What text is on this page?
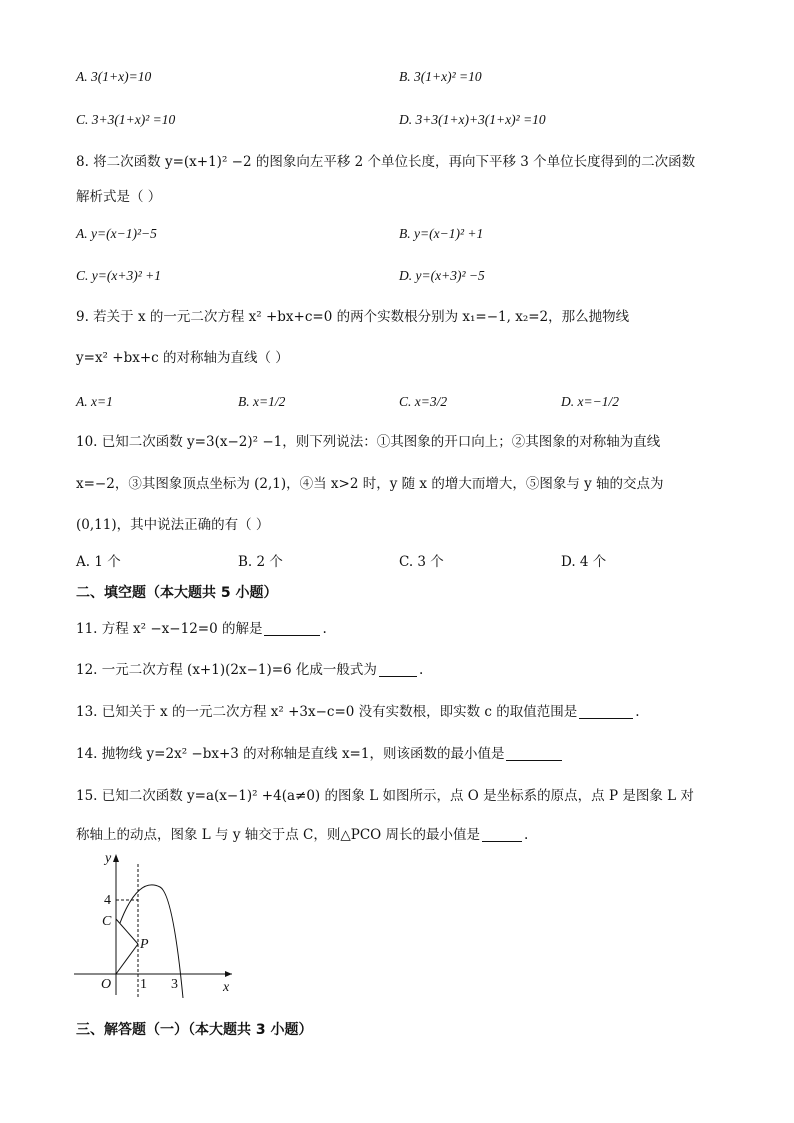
A. 3(1+x)=10	B. 3(1+x)² =10
C. 3+3(1+x)² =10	D. 3+3(1+x)+3(1+x)² =10
8. 将二次函数 y=(x+1)² −2 的图象向左平移 2 个单位长度，再向下平移 3 个单位长度得到的二次函数
解析式是（ ）
A. y=(x−1)²−5	B. y=(x−1)² +1
C. y=(x+3)² +1	D. y=(x+3)² −5
9. 若关于 x 的一元二次方程 x² +bx+c=0 的两个实数根分别为 x₁=−1, x₂=2，那么抛物线
y=x² +bx+c 的对称轴为直线（ ）
A. x=1	B. x=1/2	C. x=3/2	D. x=−1/2
10. 已知二次函数 y=3(x−2)² −1，则下列说法：①其图象的开口向上；②其图象的对称轴为直线
x=−2，③其图象顶点坐标为 (2,1)，④当 x>2 时，y 随 x 的增大而增大，⑤图象与 y 轴的交点为
(0,11)，其中说法正确的有（ ）
A. 1 个	B. 2 个	C. 3 个	D. 4 个
二、填空题（本大题共 5 小题）
11. 方程 x² −x−12=0 的解是	.
12. 一元二次方程 (x+1)(2x−1)=6 化成一般式为	.
13. 已知关于 x 的一元二次方程 x² +3x−c=0 没有实数根，即实数 c 的取值范围是	.
14. 抛物线 y=2x² −bx+3 的对称轴是直线 x=1，则该函数的最小值是
15. 已知二次函数 y=a(x−1)² +4(a≠0) 的图象 L 如图所示，点 O 是坐标系的原点，点 P 是图象 L 对
称轴上的动点，图象 L 与 y 轴交于点 C，则△PCO 周长的最小值是	.
y
x
O
C
P
4
1 3
三、解答题（一）（本大题共 3 小题）
